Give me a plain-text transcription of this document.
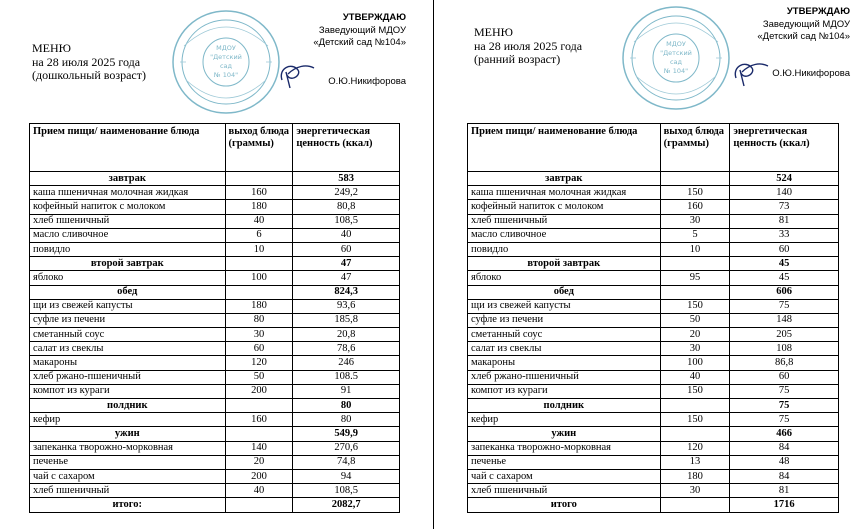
МЕНЮ
на 28 июля 2025 года
(дошкольный возраст)
МДОУ
"Детский
сад
№ 104"
УТВЕРЖДАЮ
Заведующий МДОУ
«Детский сад №104»
О.Ю.Никифорова
Прием пищи/ наименование блюда	выход блюда (граммы)	энергетическая ценность (ккал)
завтрак		583
каша пшеничная молочная жидкая	160	249,2
кофейный напиток с молоком	180	80,8
хлеб пшеничный	40	108,5
масло сливочное	6	40
повидло	10	60
второй завтрак		47
яблоко	100	47
обед		824,3
щи из свежей капусты	180	93,6
суфле из печени	80	185,8
сметанный соус	30	20,8
салат из свеклы	60	78,6
макароны	120	246
хлеб ржано-пшеничный	50	108.5
компот из кураги	200	91
полдник		80
кефир	160	80
ужин		549,9
запеканка творожно-морковная	140	270,6
печенье	20	74,8
чай с сахаром	200	94
хлеб пшеничный	40	108,5
итого:		2082,7
МЕНЮ
на 28 июля 2025 года
(ранний возраст)
МДОУ
"Детский
сад
№ 104"
УТВЕРЖДАЮ
Заведующий МДОУ
«Детский сад №104»
О.Ю.Никифорова
Прием пищи/ наименование блюда	выход блюда (граммы)	энергетическая ценность (ккал)
завтрак		524
каша пшеничная молочная жидкая	150	140
кофейный напиток с молоком	160	73
хлеб пшеничный	30	81
масло сливочное	5	33
повидло	10	60
второй завтрак		45
яблоко	95	45
обед		606
щи из свежей капусты	150	75
суфле из печени	50	148
сметанный соус	20	205
салат из свеклы	30	108
макароны	100	86,8
хлеб ржано-пшеничный	40	60
компот из кураги	150	75
полдник		75
кефир	150	75
ужин		466
запеканка творожно-морковная	120	84
печенье	13	48
чай с сахаром	180	84
хлеб пшеничный	30	81
итого		1716
